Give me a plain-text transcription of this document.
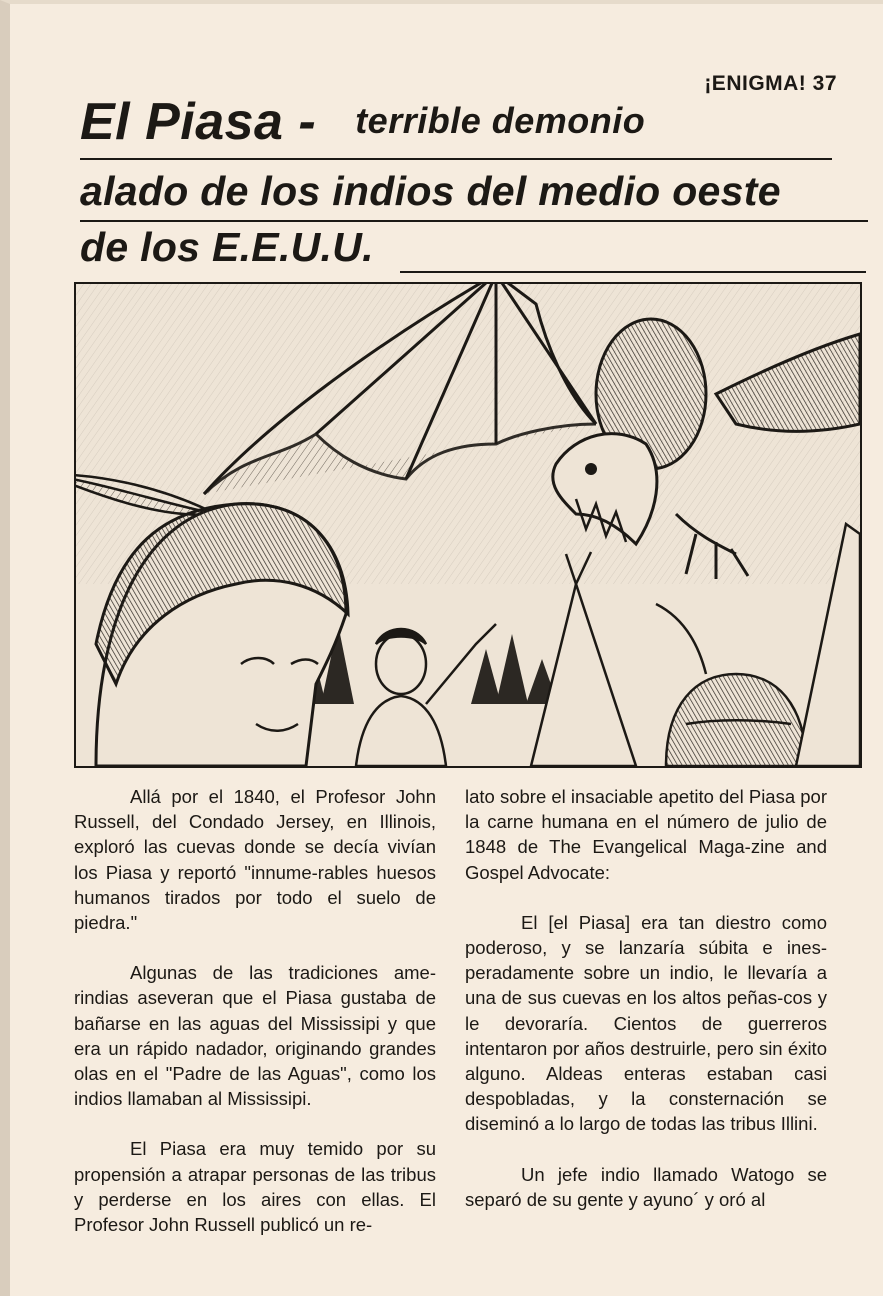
¡ENIGMA! 37
El Piasa - terrible demonio
alado de los indios del medio oeste
de los E.E.U.U.

Allá por el 1840, el Profesor John Russell, del Condado Jersey, en Illinois, exploró las cuevas donde se decía vivían los Piasa y reportó "innume-rables huesos humanos tirados por todo el suelo de piedra."

Algunas de las tradiciones ame-rindias aseveran que el Piasa gustaba de bañarse en las aguas del Mississipi y que era un rápido nadador, originando grandes olas en el "Padre de las Aguas", como los indios llamaban al Mississipi.

El Piasa era muy temido por su propensión a atrapar personas de las tribus y perderse en los aires con ellas. El Profesor John Russell publicó un re-

lato sobre el insaciable apetito del Piasa por la carne humana en el número de julio de 1848 de The Evangelical Maga-zine and Gospel Advocate:

El [el Piasa] era tan diestro como poderoso, y se lanzaría súbita e ines-peradamente sobre un indio, le llevaría a una de sus cuevas en los altos peñas-cos y le devoraría. Cientos de guerreros intentaron por años destruirle, pero sin éxito alguno. Aldeas enteras estaban casi despobladas, y la consternación se diseminó a lo largo de todas las tribus Illini.

Un jefe indio llamado Watogo se separó de su gente y ayuno´ y oró al
